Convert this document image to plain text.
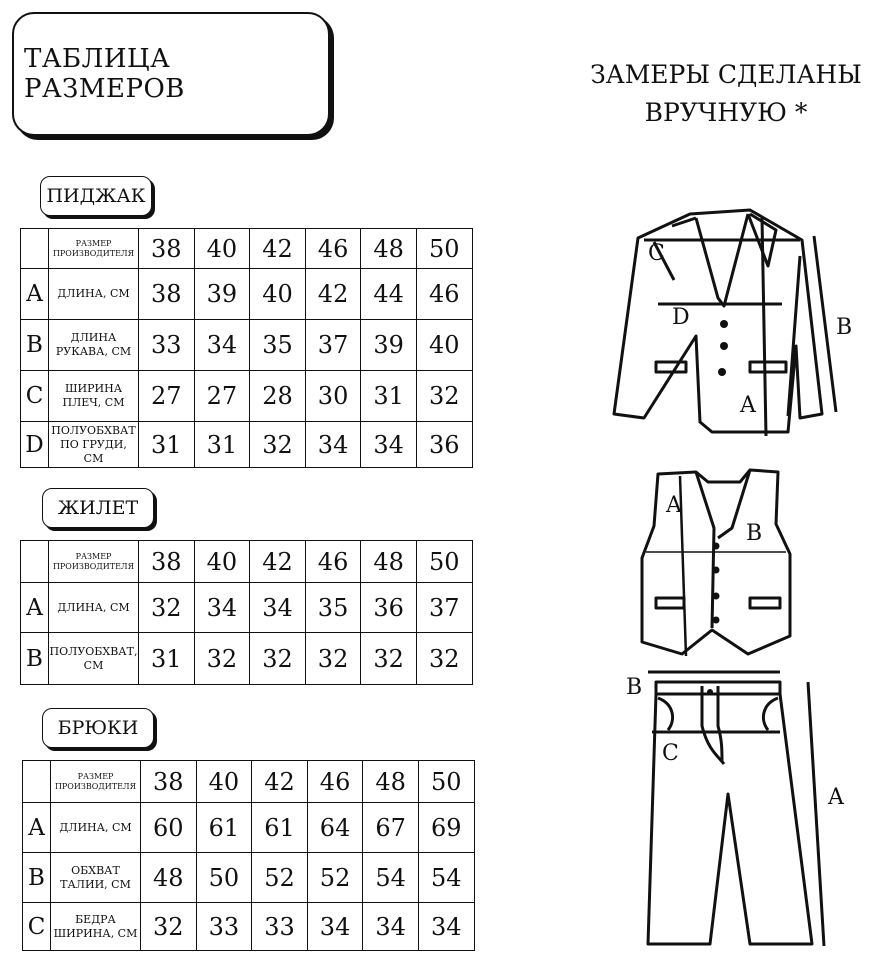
ТАБЛИЦА РАЗМЕРОВ	ЗАМЕРЫ СДЕЛАНЫ
ВРУЧНУЮ *
ПИДЖАК
	РАЗМЕР ПРОИЗВОДИТЕЛЯ	38	40	42	46	48	50
A	ДЛИНА, СМ	38	39	40	42	44	46
B	ДЛИНА РУКАВА, СМ	33	34	35	37	39	40
C	ШИРИНА ПЛЕЧ, СМ	27	27	28	30	31	32
D	ПОЛУОБХВАТ ПО ГРУДИ, СМ	31	31	32	34	34	36
ЖИЛЕТ
	РАЗМЕР ПРОИЗВОДИТЕЛЯ	38	40	42	46	48	50
A	ДЛИНА, СМ	32	34	34	35	36	37
B	ПОЛУОБХВАТ, СМ	31	32	32	32	32	32
БРЮКИ
	РАЗМЕР ПРОИЗВОДИТЕЛЯ	38	40	42	46	48	50
A	ДЛИНА, СМ	60	61	61	64	67	69
B	ОБХВАТ ТАЛИИ, СМ	48	50	52	52	54	54
C	БЕДРА ШИРИНА, СМ	32	33	33	34	34	34
C
D	B
A
A
B
B
C
A
